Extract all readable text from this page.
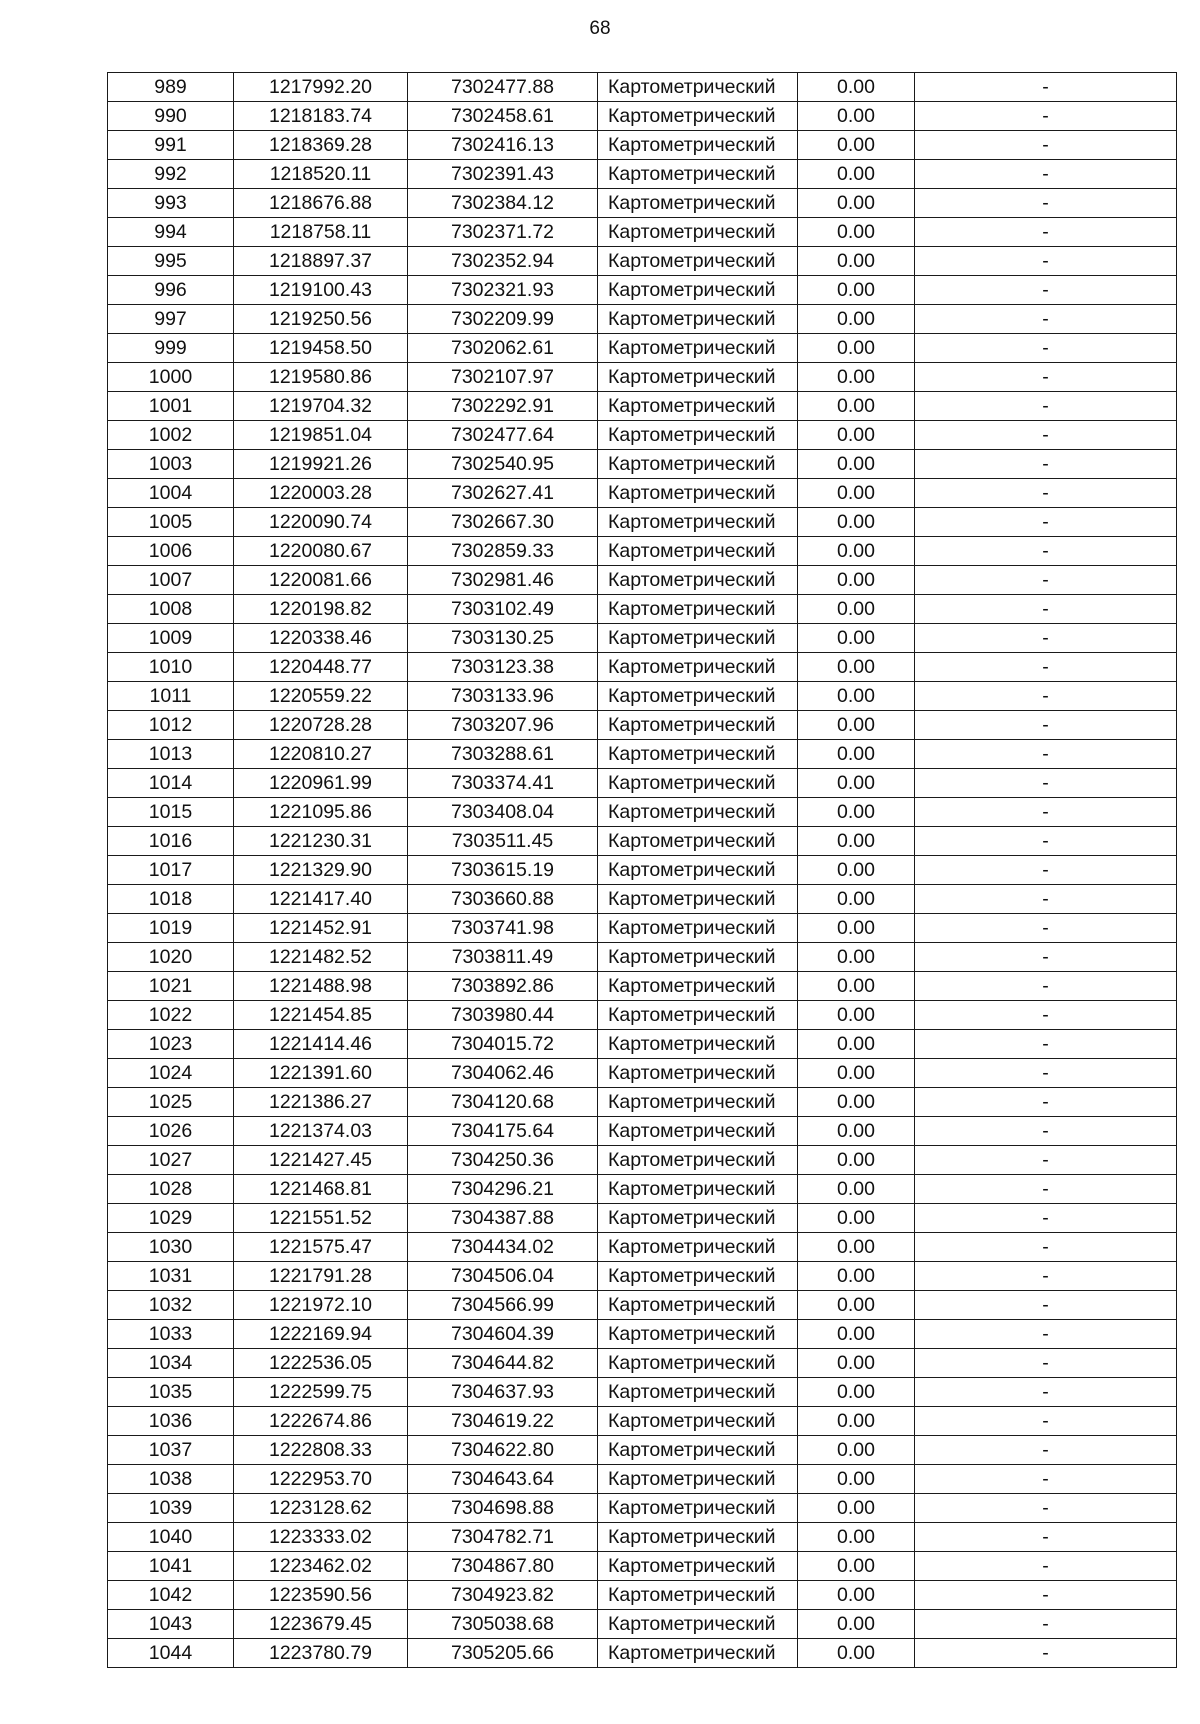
68
989	1217992.20	7302477.88	Картометрический	0.00	-
990	1218183.74	7302458.61	Картометрический	0.00	-
991	1218369.28	7302416.13	Картометрический	0.00	-
992	1218520.11	7302391.43	Картометрический	0.00	-
993	1218676.88	7302384.12	Картометрический	0.00	-
994	1218758.11	7302371.72	Картометрический	0.00	-
995	1218897.37	7302352.94	Картометрический	0.00	-
996	1219100.43	7302321.93	Картометрический	0.00	-
997	1219250.56	7302209.99	Картометрический	0.00	-
999	1219458.50	7302062.61	Картометрический	0.00	-
1000	1219580.86	7302107.97	Картометрический	0.00	-
1001	1219704.32	7302292.91	Картометрический	0.00	-
1002	1219851.04	7302477.64	Картометрический	0.00	-
1003	1219921.26	7302540.95	Картометрический	0.00	-
1004	1220003.28	7302627.41	Картометрический	0.00	-
1005	1220090.74	7302667.30	Картометрический	0.00	-
1006	1220080.67	7302859.33	Картометрический	0.00	-
1007	1220081.66	7302981.46	Картометрический	0.00	-
1008	1220198.82	7303102.49	Картометрический	0.00	-
1009	1220338.46	7303130.25	Картометрический	0.00	-
1010	1220448.77	7303123.38	Картометрический	0.00	-
1011	1220559.22	7303133.96	Картометрический	0.00	-
1012	1220728.28	7303207.96	Картометрический	0.00	-
1013	1220810.27	7303288.61	Картометрический	0.00	-
1014	1220961.99	7303374.41	Картометрический	0.00	-
1015	1221095.86	7303408.04	Картометрический	0.00	-
1016	1221230.31	7303511.45	Картометрический	0.00	-
1017	1221329.90	7303615.19	Картометрический	0.00	-
1018	1221417.40	7303660.88	Картометрический	0.00	-
1019	1221452.91	7303741.98	Картометрический	0.00	-
1020	1221482.52	7303811.49	Картометрический	0.00	-
1021	1221488.98	7303892.86	Картометрический	0.00	-
1022	1221454.85	7303980.44	Картометрический	0.00	-
1023	1221414.46	7304015.72	Картометрический	0.00	-
1024	1221391.60	7304062.46	Картометрический	0.00	-
1025	1221386.27	7304120.68	Картометрический	0.00	-
1026	1221374.03	7304175.64	Картометрический	0.00	-
1027	1221427.45	7304250.36	Картометрический	0.00	-
1028	1221468.81	7304296.21	Картометрический	0.00	-
1029	1221551.52	7304387.88	Картометрический	0.00	-
1030	1221575.47	7304434.02	Картометрический	0.00	-
1031	1221791.28	7304506.04	Картометрический	0.00	-
1032	1221972.10	7304566.99	Картометрический	0.00	-
1033	1222169.94	7304604.39	Картометрический	0.00	-
1034	1222536.05	7304644.82	Картометрический	0.00	-
1035	1222599.75	7304637.93	Картометрический	0.00	-
1036	1222674.86	7304619.22	Картометрический	0.00	-
1037	1222808.33	7304622.80	Картометрический	0.00	-
1038	1222953.70	7304643.64	Картометрический	0.00	-
1039	1223128.62	7304698.88	Картометрический	0.00	-
1040	1223333.02	7304782.71	Картометрический	0.00	-
1041	1223462.02	7304867.80	Картометрический	0.00	-
1042	1223590.56	7304923.82	Картометрический	0.00	-
1043	1223679.45	7305038.68	Картометрический	0.00	-
1044	1223780.79	7305205.66	Картометрический	0.00	-
